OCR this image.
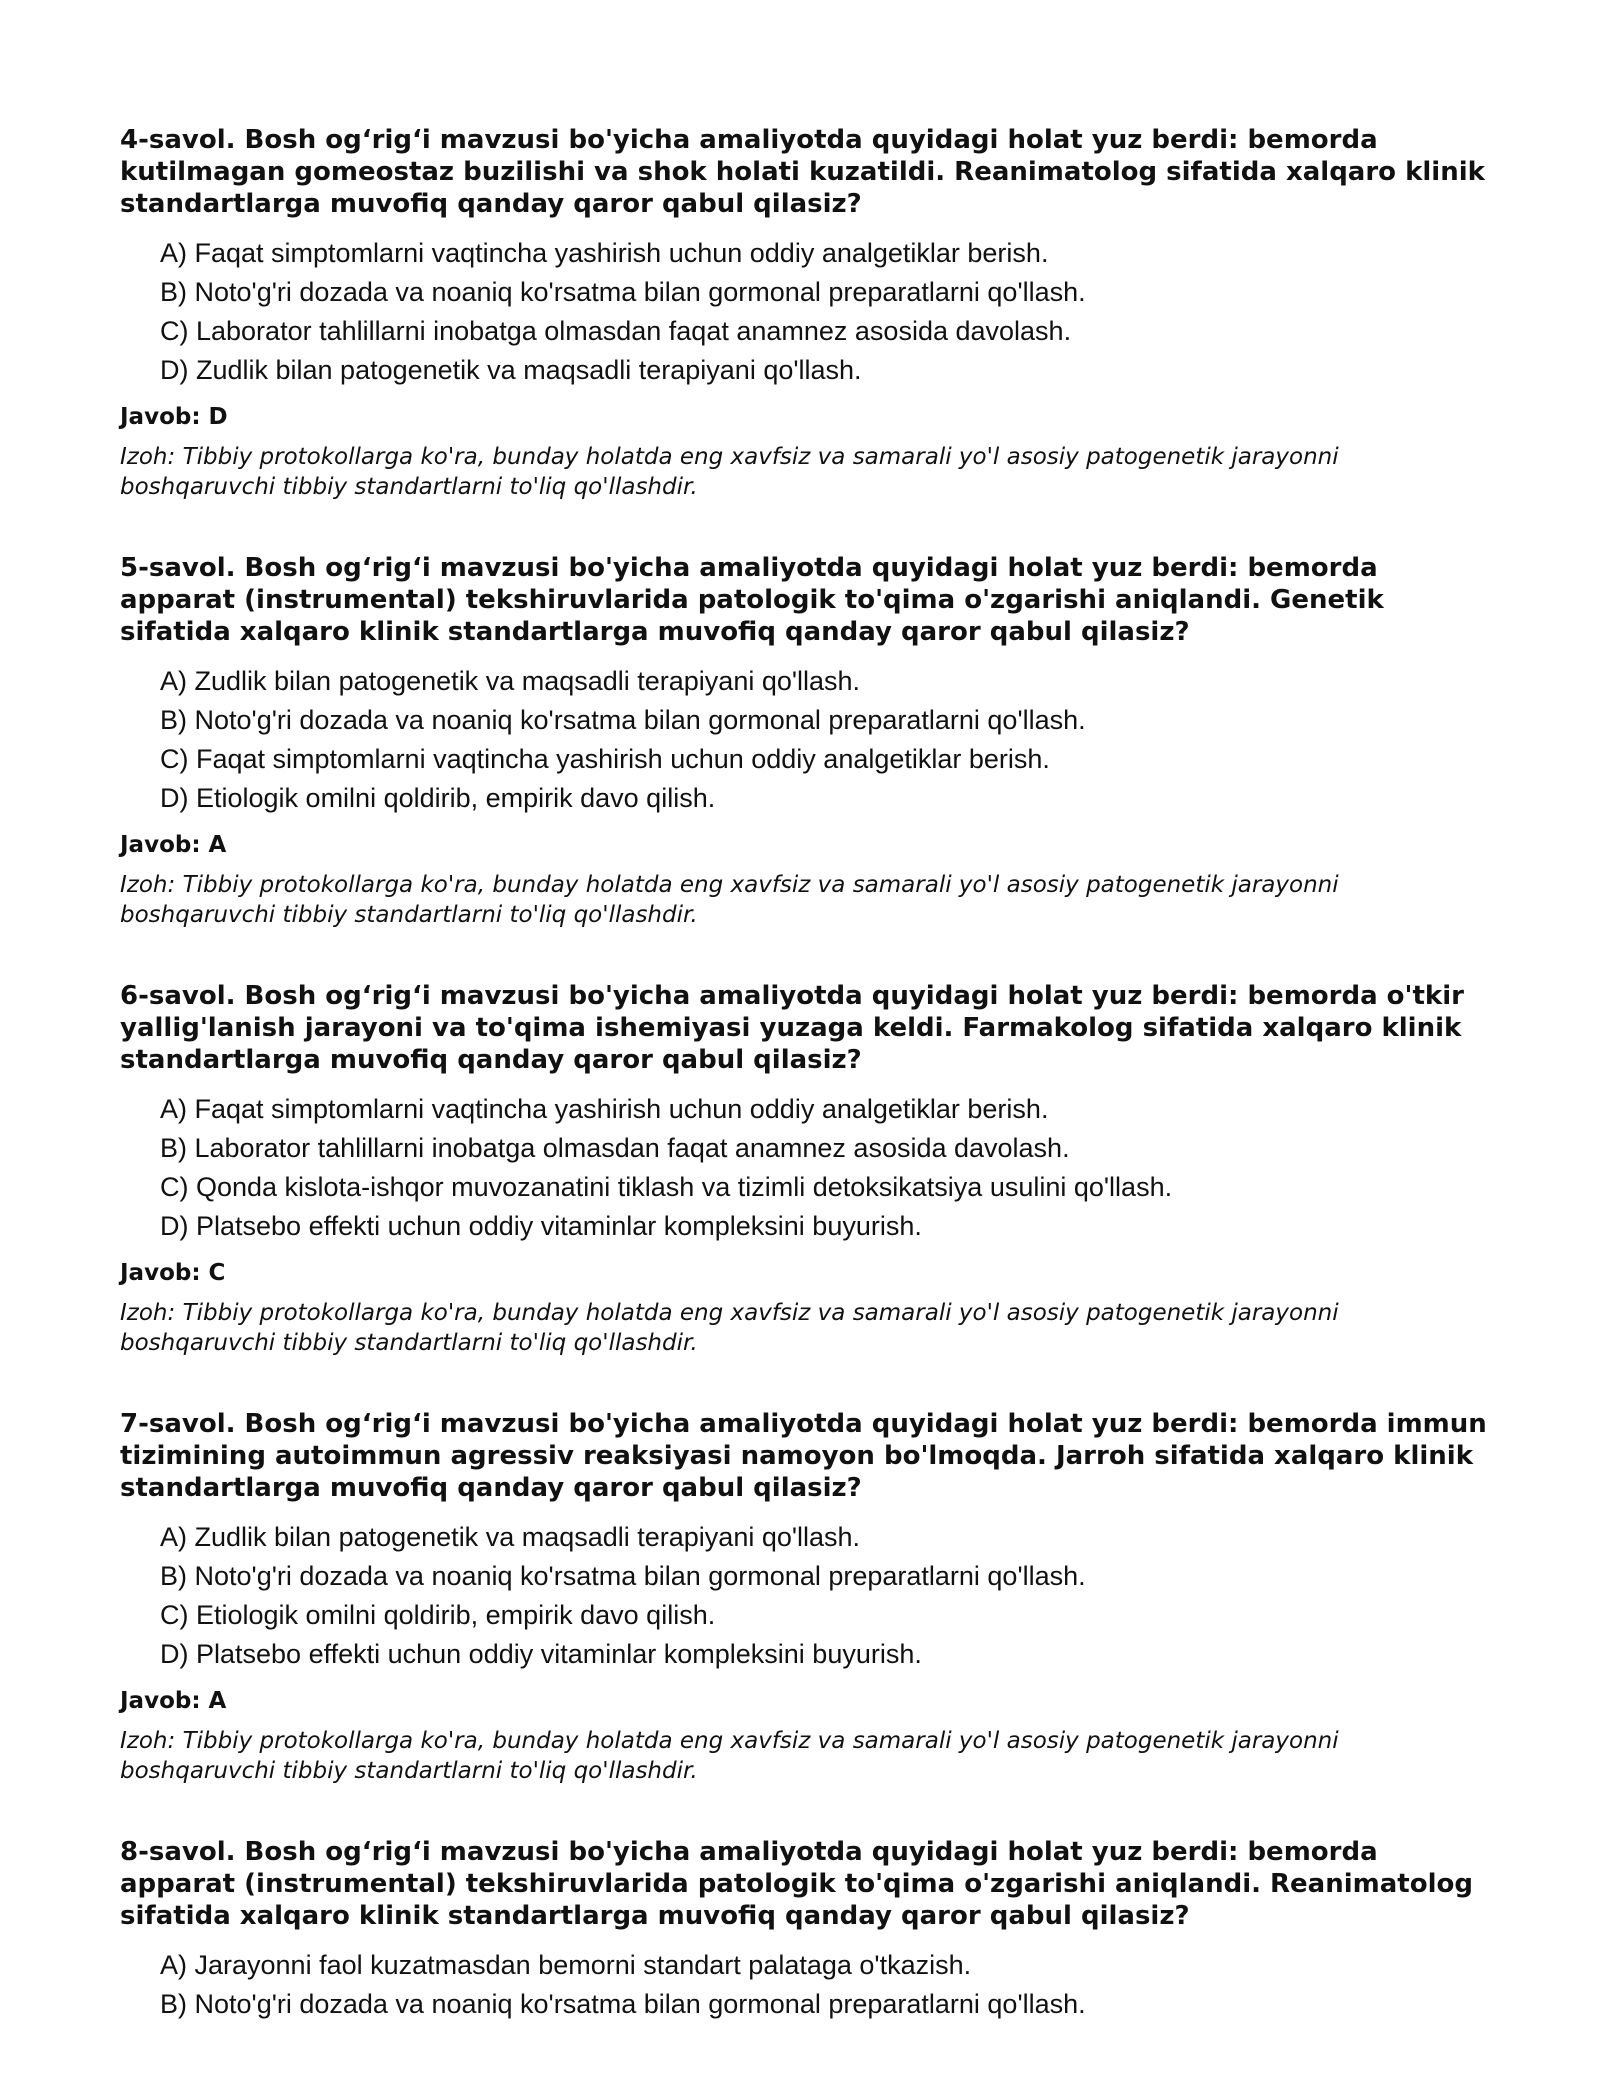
4-savol. Bosh og‘rig‘i mavzusi bo'yicha amaliyotda quyidagi holat yuz berdi: bemorda kutilmagan gomeostaz buzilishi va shok holati kuzatildi. Reanimatolog sifatida xalqaro klinik standartlarga muvofiq qanday qaror qabul qilasiz?

A) Faqat simptomlarni vaqtincha yashirish uchun oddiy analgetiklar berish.
B) Noto'g'ri dozada va noaniq ko'rsatma bilan gormonal preparatlarni qo'llash.
C) Laborator tahlillarni inobatga olmasdan faqat anamnez asosida davolash.
D) Zudlik bilan patogenetik va maqsadli terapiyani qo'llash.

Javob: D

Izoh: Tibbiy protokollarga ko'ra, bunday holatda eng xavfsiz va samarali yo'l asosiy patogenetik jarayonni boshqaruvchi tibbiy standartlarni to'liq qo'llashdir.

5-savol. Bosh og‘rig‘i mavzusi bo'yicha amaliyotda quyidagi holat yuz berdi: bemorda apparat (instrumental) tekshiruvlarida patologik to'qima o'zgarishi aniqlandi. Genetik sifatida xalqaro klinik standartlarga muvofiq qanday qaror qabul qilasiz?

A) Zudlik bilan patogenetik va maqsadli terapiyani qo'llash.
B) Noto'g'ri dozada va noaniq ko'rsatma bilan gormonal preparatlarni qo'llash.
C) Faqat simptomlarni vaqtincha yashirish uchun oddiy analgetiklar berish.
D) Etiologik omilni qoldirib, empirik davo qilish.

Javob: A

Izoh: Tibbiy protokollarga ko'ra, bunday holatda eng xavfsiz va samarali yo'l asosiy patogenetik jarayonni boshqaruvchi tibbiy standartlarni to'liq qo'llashdir.

6-savol. Bosh og‘rig‘i mavzusi bo'yicha amaliyotda quyidagi holat yuz berdi: bemorda o'tkir yallig'lanish jarayoni va to'qima ishemiyasi yuzaga keldi. Farmakolog sifatida xalqaro klinik standartlarga muvofiq qanday qaror qabul qilasiz?

A) Faqat simptomlarni vaqtincha yashirish uchun oddiy analgetiklar berish.
B) Laborator tahlillarni inobatga olmasdan faqat anamnez asosida davolash.
C) Qonda kislota-ishqor muvozanatini tiklash va tizimli detoksikatsiya usulini qo'llash.
D) Platsebo effekti uchun oddiy vitaminlar kompleksini buyurish.

Javob: C

Izoh: Tibbiy protokollarga ko'ra, bunday holatda eng xavfsiz va samarali yo'l asosiy patogenetik jarayonni boshqaruvchi tibbiy standartlarni to'liq qo'llashdir.

7-savol. Bosh og‘rig‘i mavzusi bo'yicha amaliyotda quyidagi holat yuz berdi: bemorda immun tizimining autoimmun agressiv reaksiyasi namoyon bo'lmoqda. Jarroh sifatida xalqaro klinik standartlarga muvofiq qanday qaror qabul qilasiz?

A) Zudlik bilan patogenetik va maqsadli terapiyani qo'llash.
B) Noto'g'ri dozada va noaniq ko'rsatma bilan gormonal preparatlarni qo'llash.
C) Etiologik omilni qoldirib, empirik davo qilish.
D) Platsebo effekti uchun oddiy vitaminlar kompleksini buyurish.

Javob: A

Izoh: Tibbiy protokollarga ko'ra, bunday holatda eng xavfsiz va samarali yo'l asosiy patogenetik jarayonni boshqaruvchi tibbiy standartlarni to'liq qo'llashdir.

8-savol. Bosh og‘rig‘i mavzusi bo'yicha amaliyotda quyidagi holat yuz berdi: bemorda apparat (instrumental) tekshiruvlarida patologik to'qima o'zgarishi aniqlandi. Reanimatolog sifatida xalqaro klinik standartlarga muvofiq qanday qaror qabul qilasiz?

A) Jarayonni faol kuzatmasdan bemorni standart palataga o'tkazish.
B) Noto'g'ri dozada va noaniq ko'rsatma bilan gormonal preparatlarni qo'llash.
